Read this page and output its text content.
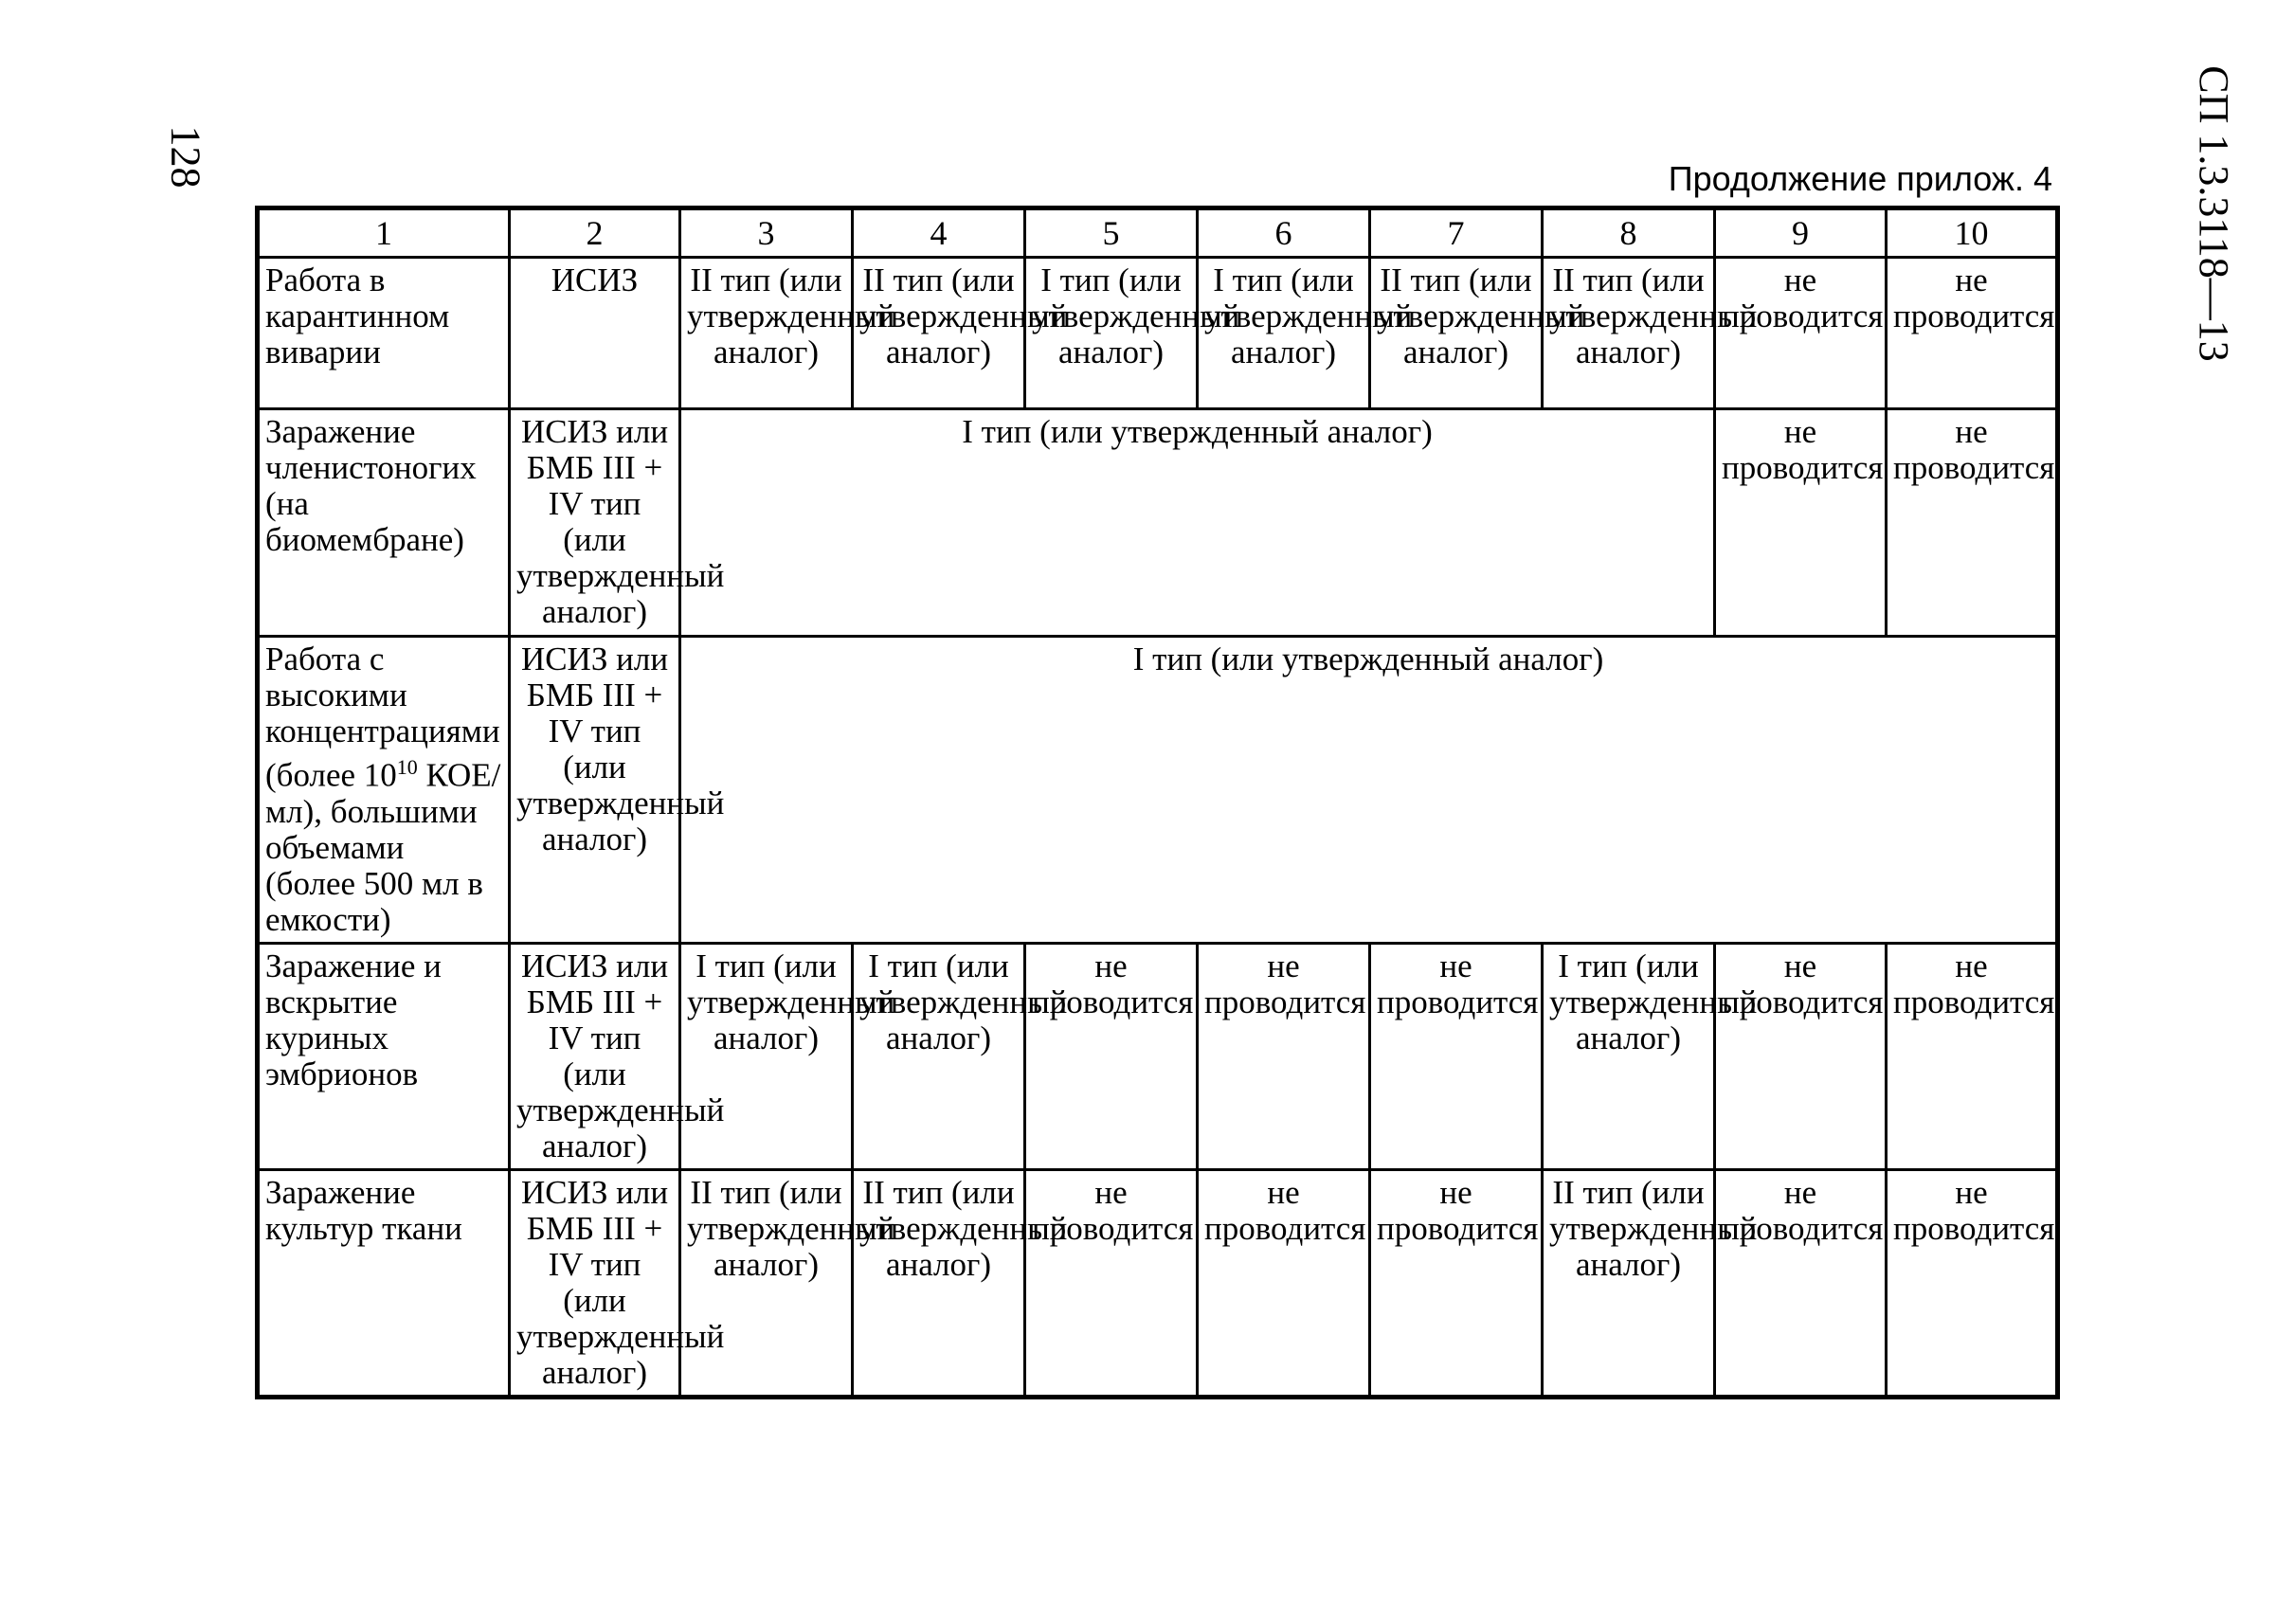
128	СП 1.3.3118—13
Продолжение прилож. 4
1	2	3	4	5	6	7	8	9	10
Работа в карантинном виварии	ИСИЗ	II тип (или утвержденный аналог)	II тип (или утвержденный аналог)	I тип (или утвержденный аналог)	I тип (или утвержденный аналог)	II тип (или утвержденный аналог)	II тип (или утвержденный аналог)	не проводится	не проводится
Заражение членистоногих (на биомембране)	ИСИЗ или БМБ III + IV тип (или утвержденный аналог)	I тип (или утвержденный аналог)						не проводится	не проводится
Работа с высокими концентрациями (более $10^{10}$ КОЕ/мл), большими объемами (более 500 мл в емкости)	ИСИЗ или БМБ III + IV тип (или утвержденный аналог)	I тип (или утвержденный аналог)							
Заражение и вскрытие куриных эмбрионов	ИСИЗ или БМБ III + IV тип (или утвержденный аналог)	I тип (или утвержденный аналог)	I тип (или утвержденный аналог)	не проводится	не проводится	не проводится	I тип (или утвержденный аналог)	не проводится	не проводится
Заражение культур ткани	ИСИЗ или БМБ III + IV тип (или утвержденный аналог)	II тип (или утвержденный аналог)	II тип (или утвержденный аналог)	не проводится	не проводится	не проводится	II тип (или утвержденный аналог)	не проводится	не проводится
